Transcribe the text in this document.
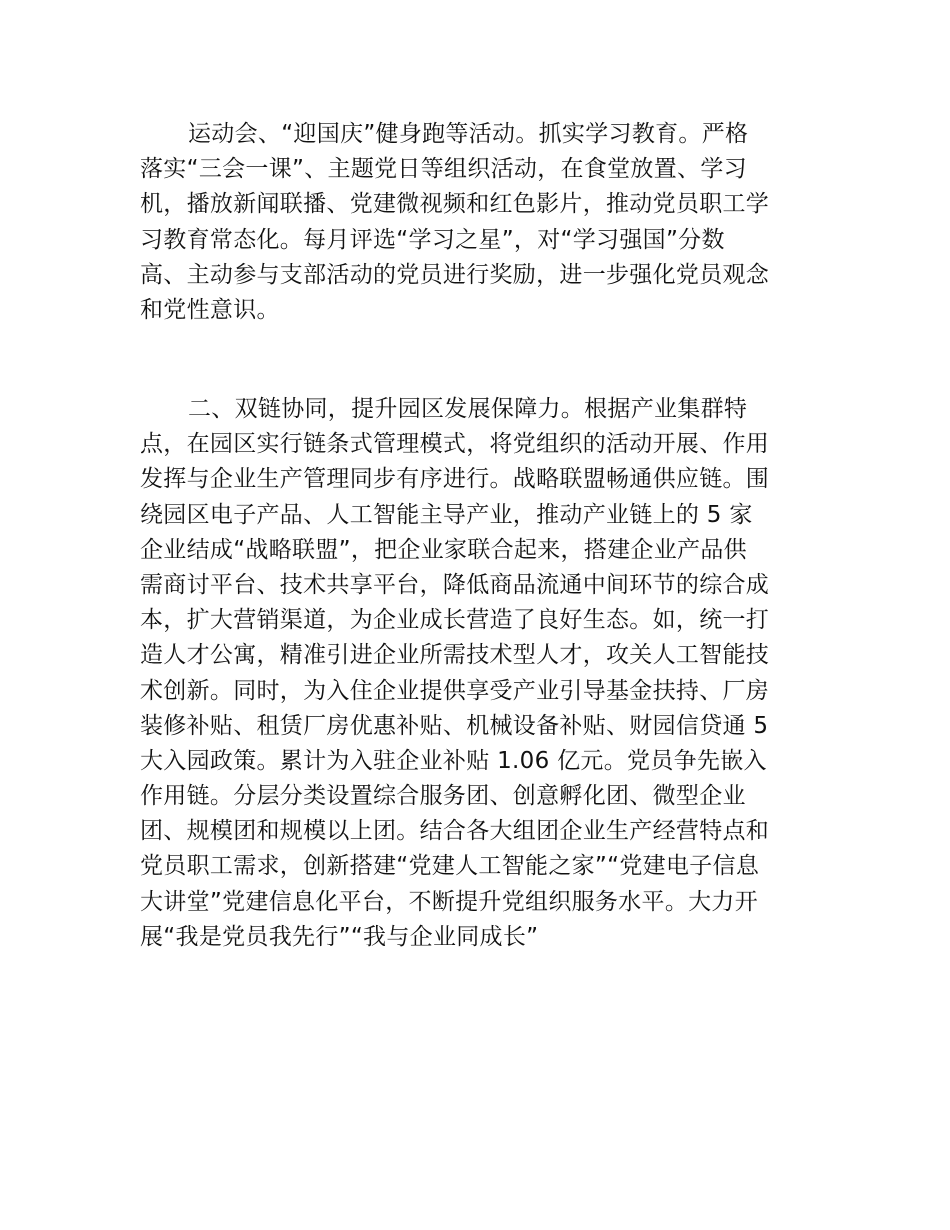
运动会、“迎国庆”健身跑等活动。抓实学习教育。严格
落实“三会一课”、主题党日等组织活动，在食堂放置、学习
机，播放新闻联播、党建微视频和红色影片，推动党员职工学
习教育常态化。每月评选“学习之星”，对“学习强国”分数
高、主动参与支部活动的党员进行奖励，进一步强化党员观念
和党性意识。

二、双链协同，提升园区发展保障力。根据产业集群特
点，在园区实行链条式管理模式，将党组织的活动开展、作用
发挥与企业生产管理同步有序进行。战略联盟畅通供应链。围
绕园区电子产品、人工智能主导产业，推动产业链上的 5 家
企业结成“战略联盟”，把企业家联合起来，搭建企业产品供
需商讨平台、技术共享平台，降低商品流通中间环节的综合成
本，扩大营销渠道，为企业成长营造了良好生态。如，统一打
造人才公寓，精准引进企业所需技术型人才，攻关人工智能技
术创新。同时，为入住企业提供享受产业引导基金扶持、厂房
装修补贴、租赁厂房优惠补贴、机械设备补贴、财园信贷通 5
大入园政策。累计为入驻企业补贴 1.06 亿元。党员争先嵌入
作用链。分层分类设置综合服务团、创意孵化团、微型企业
团、规模团和规模以上团。结合各大组团企业生产经营特点和
党员职工需求，创新搭建“党建人工智能之家”“党建电子信息
大讲堂”党建信息化平台，不断提升党组织服务水平。大力开
展“我是党员我先行”“我与企业同成长”
